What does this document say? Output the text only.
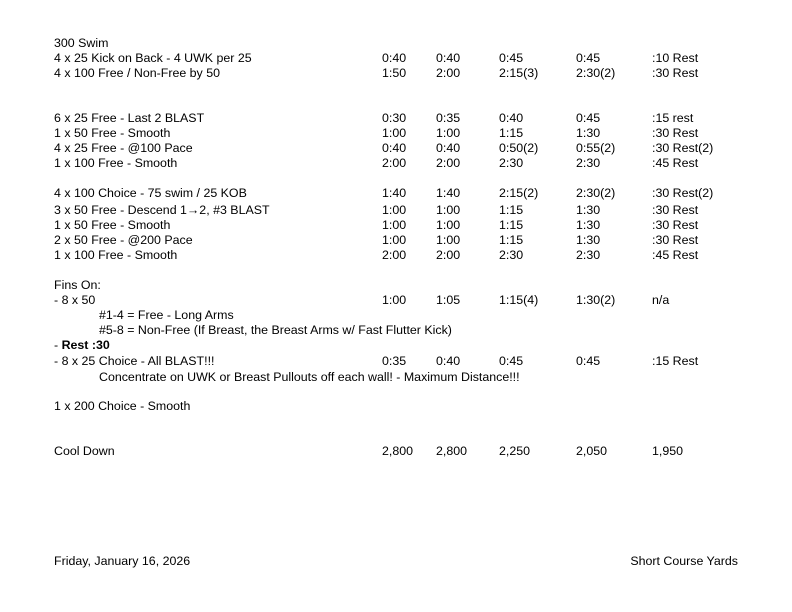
300 Swim
4 x 25 Kick on Back - 4 UWK per 25	0:40 0:40	0:45	0:45	:10 Rest
4 x 100 Free / Non-Free by 50	1:50 2:00	2:15(3)	2:30(2)	:30 Rest
6 x 25 Free - Last 2 BLAST	0:30 0:35	0:40	0:45	:15 rest
1 x 50 Free - Smooth	1:00 1:00	1:15	1:30	:30 Rest
4 x 25 Free - @100 Pace	0:40 0:40	0:50(2)	0:55(2)	:30 Rest(2)
1 x 100 Free - Smooth	2:00 2:00	2:30	2:30	:45 Rest
4 x 100 Choice - 75 swim / 25 KOB	1:40 1:40	2:15(2)	2:30(2)	:30 Rest(2)
3 x 50 Free - Descend 1→2, #3 BLAST	1:00 1:00	1:15	1:30	:30 Rest
1 x 50 Free - Smooth	1:00 1:00	1:15	1:30	:30 Rest
2 x 50 Free - @200 Pace	1:00 1:00	1:15	1:30	:30 Rest
1 x 100 Free - Smooth	2:00 2:00	2:30	2:30	:45 Rest
Fins On:
- 8 x 50	1:00 1:05	1:15(4)	1:30(2)	n/a
#1-4 = Free - Long Arms
#5-8 = Non-Free (If Breast, the Breast Arms w/ Fast Flutter Kick)
- Rest :30
- 8 x 25 Choice - All BLAST!!!	0:35 0:40	0:45	0:45	:15 Rest
Concentrate on UWK or Breast Pullouts off each wall! - Maximum Distance!!!
1 x 200 Choice - Smooth
Cool Down	2,800 2,800	2,250	2,050	1,950
Friday, January 16, 2026	Short Course Yards
